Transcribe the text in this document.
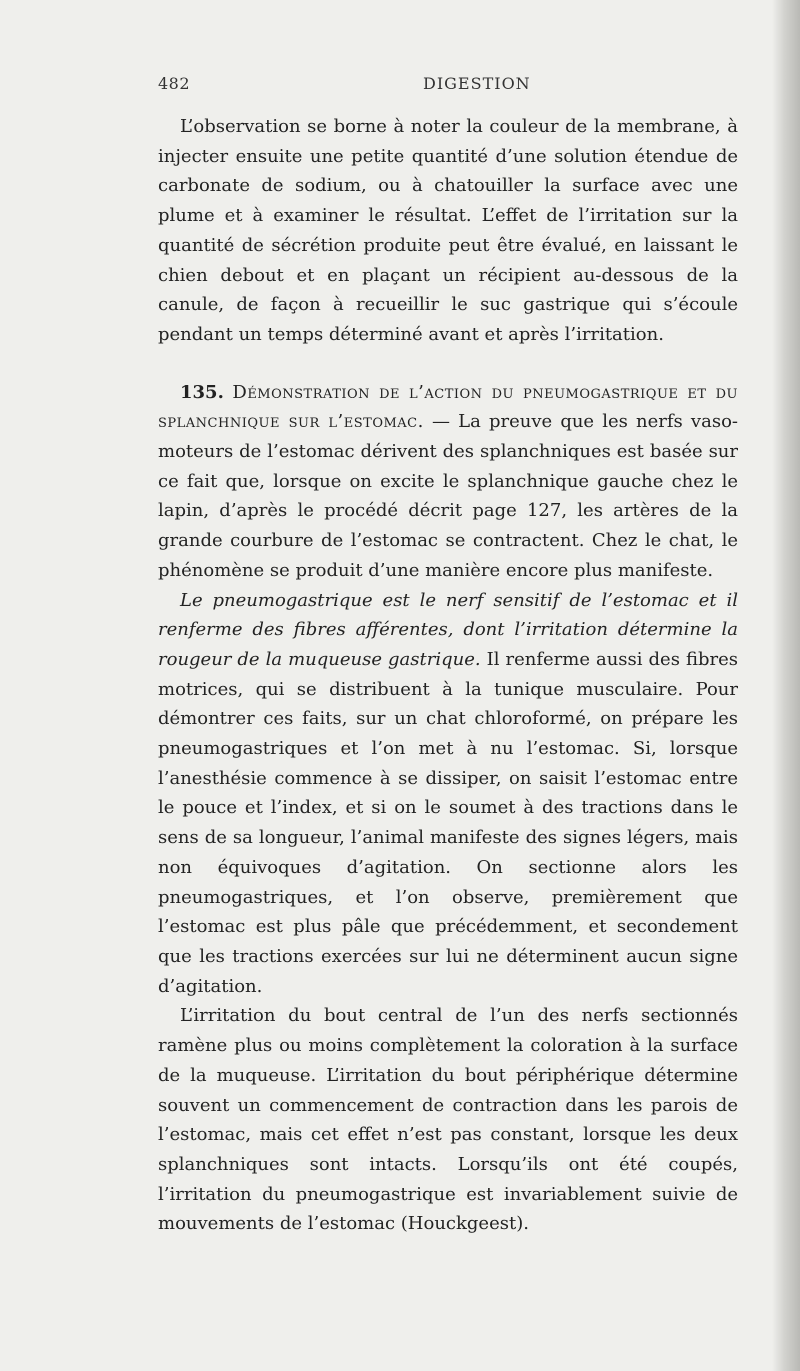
482	DIGESTION

L’observation se borne à noter la couleur de la membrane, à injecter ensuite une petite quantité d’une solution étendue de carbonate de sodium, ou à chatouiller la surface avec une plume et à examiner le résultat. L’effet de l’irritation sur la quantité de sécrétion produite peut être évalué, en laissant le chien debout et en plaçant un récipient au-dessous de la canule, de façon à recueillir le suc gastrique qui s’écoule pendant un temps déterminé avant et après l’irritation.

135. Démonstration de l’action du pneumogastrique et du splanchnique sur l’estomac. — La preuve que les nerfs vaso-moteurs de l’estomac dérivent des splanchniques est basée sur ce fait que, lorsque on excite le splanchnique gauche chez le lapin, d’après le procédé décrit page 127, les artères de la grande courbure de l’estomac se contractent. Chez le chat, le phénomène se produit d’une manière encore plus manifeste.

Le pneumogastrique est le nerf sensitif de l’estomac et il renferme des fibres afférentes, dont l’irritation détermine la rougeur de la muqueuse gastrique. Il renferme aussi des fibres motrices, qui se distribuent à la tunique musculaire. Pour démontrer ces faits, sur un chat chloroformé, on prépare les pneumogastriques et l’on met à nu l’estomac. Si, lorsque l’anesthésie commence à se dissiper, on saisit l’estomac entre le pouce et l’index, et si on le soumet à des tractions dans le sens de sa longueur, l’animal manifeste des signes légers, mais non équivoques d’agitation. On sectionne alors les pneumogastriques, et l’on observe, premièrement que l’estomac est plus pâle que précédemment, et secondement que les tractions exercées sur lui ne déterminent aucun signe d’agitation.

L’irritation du bout central de l’un des nerfs sectionnés ramène plus ou moins complètement la coloration à la surface de la muqueuse. L’irritation du bout périphérique détermine souvent un commencement de contraction dans les parois de l’estomac, mais cet effet n’est pas constant, lorsque les deux splanchniques sont intacts. Lorsqu’ils ont été coupés, l’irritation du pneumogastrique est invariablement suivie de mouvements de l’estomac (Houckgeest).
